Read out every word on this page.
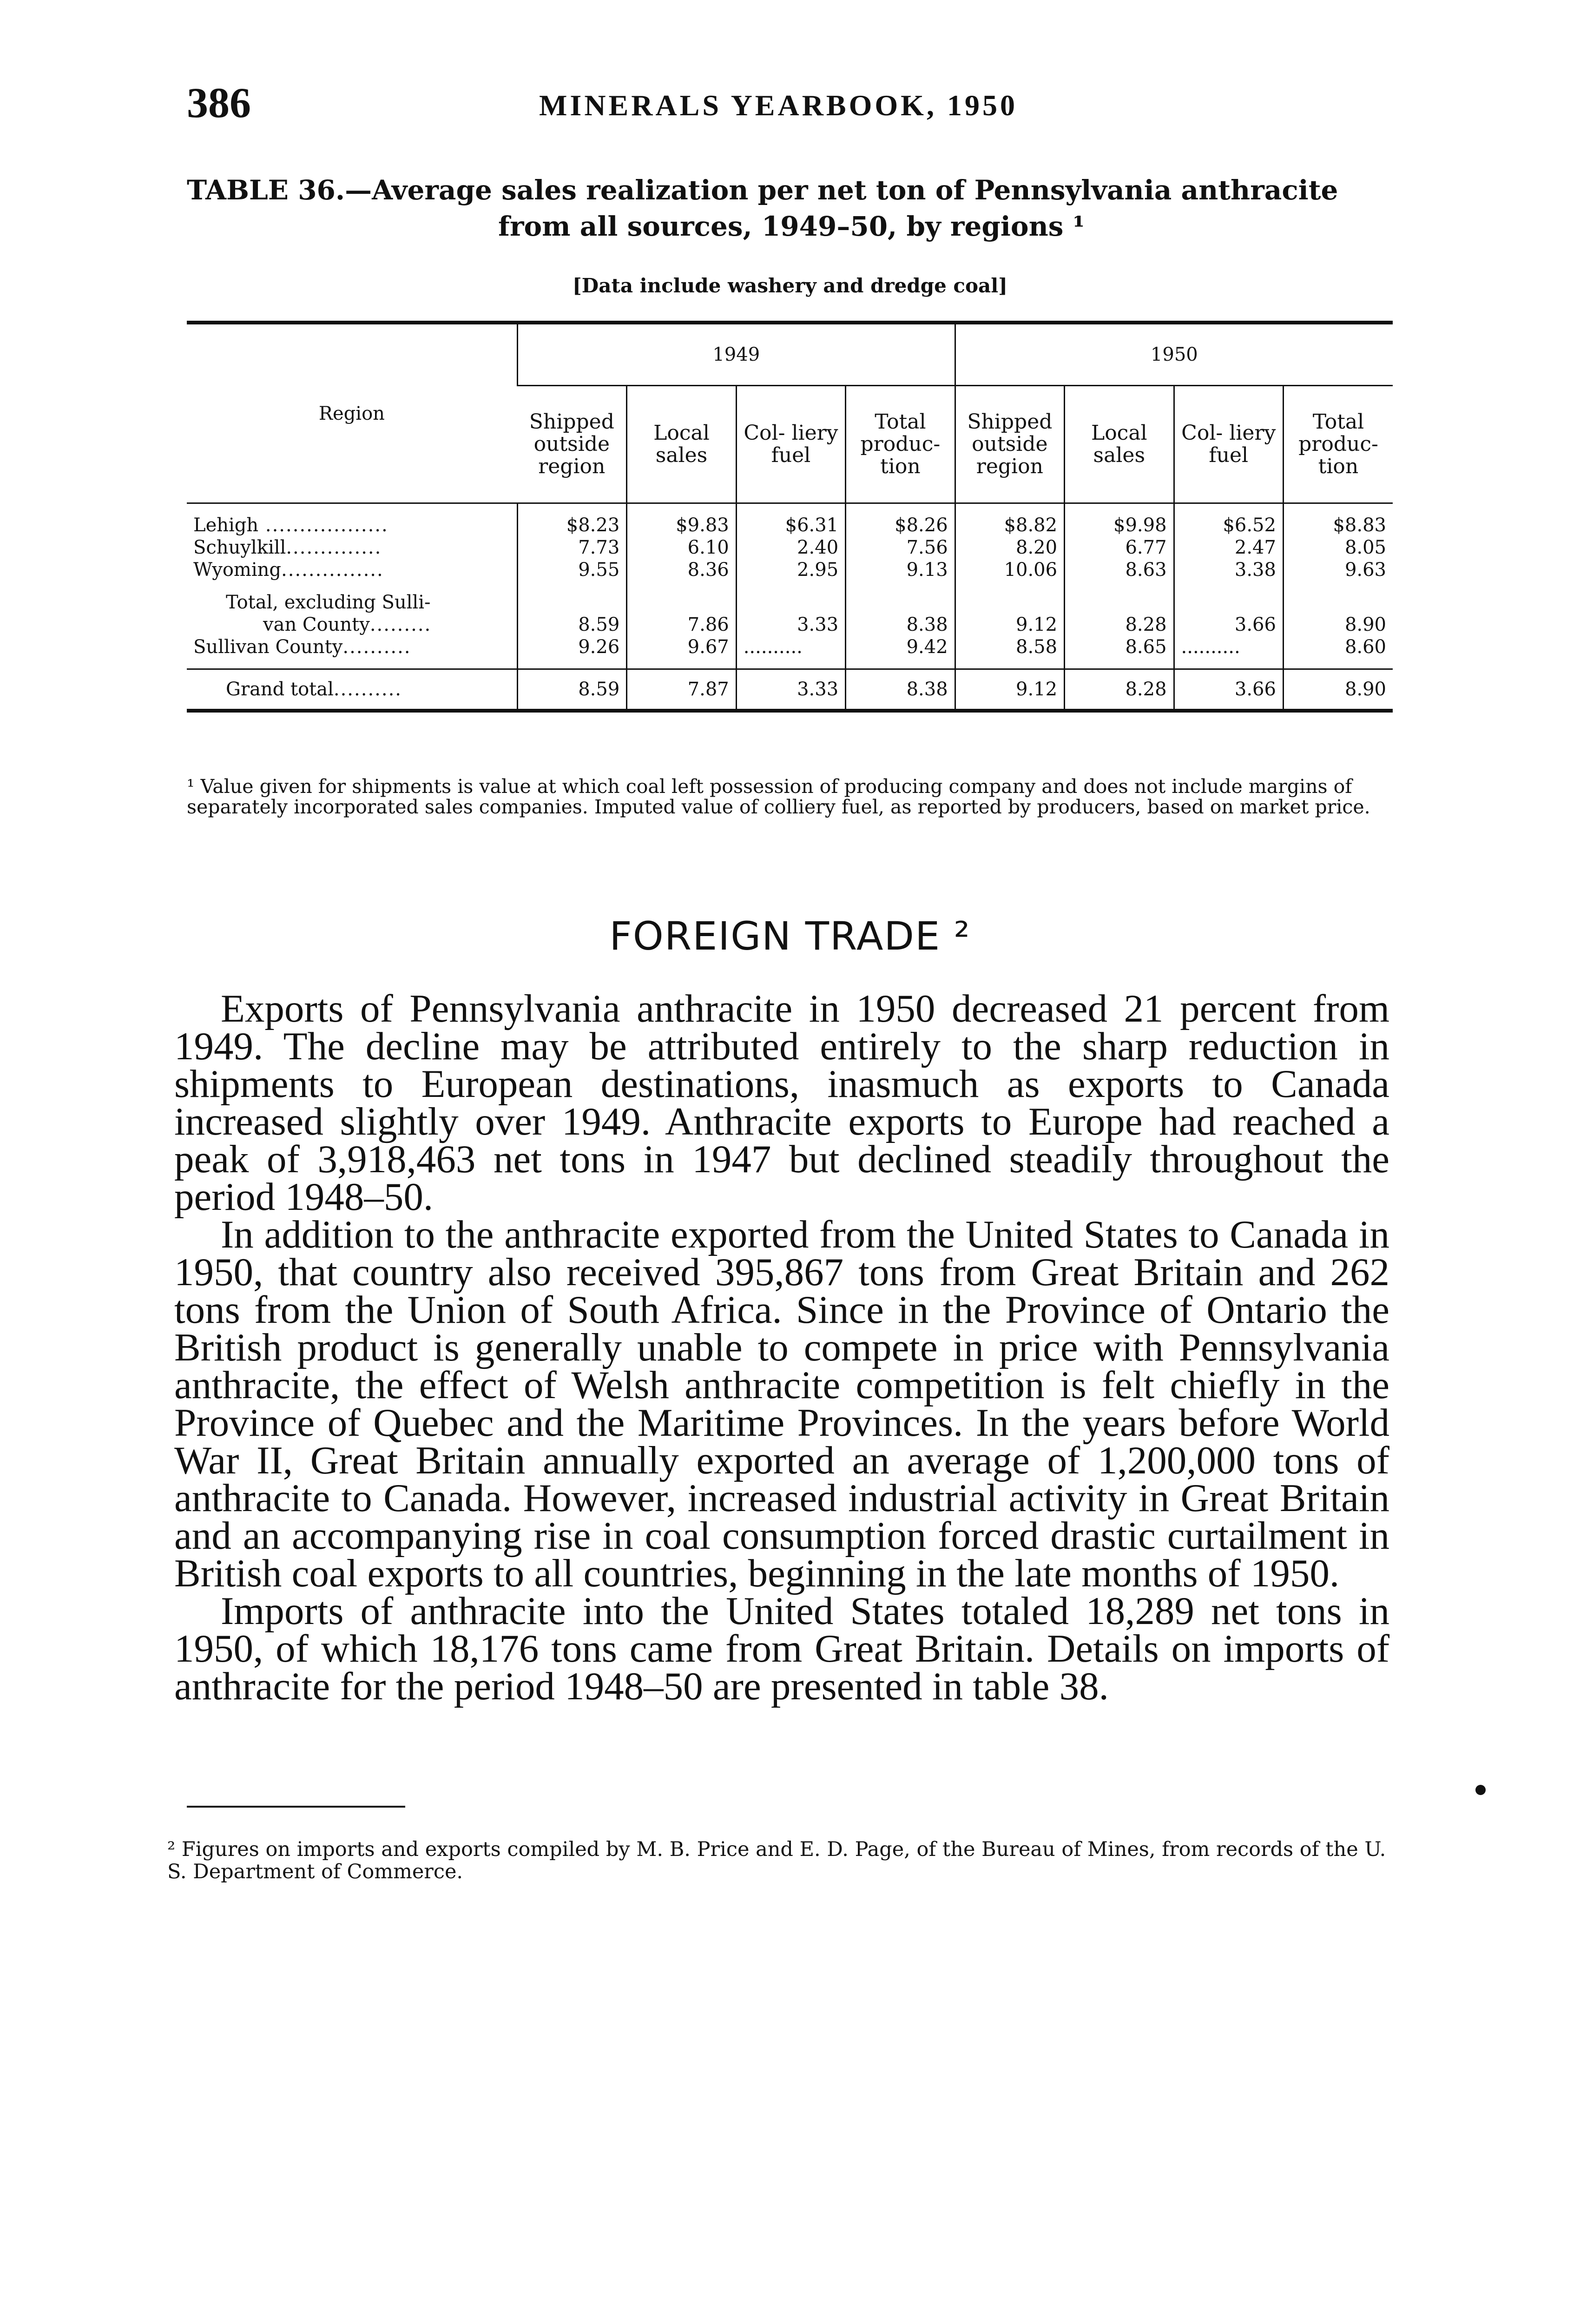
386	MINERALS YEARBOOK, 1950
TABLE 36.—Average sales realization per net ton of Pennsylvania anthracite
from all sources, 1949–50, by regions ¹
[Data include washery and dredge coal]
Region	1949				1950			
	Shipped outside region	Local sales	Col- liery fuel	Total produc- tion	Shipped outside region	Local sales	Col- liery fuel	Total produc- tion
Lehigh ..................	$8.23	$9.83	$6.31	$8.26	$8.82	$9.98	$6.52	$8.83
Schuylkill..............	7.73	6.10	2.40	7.56	8.20	6.77	2.47	8.05
Wyoming...............	9.55	8.36	2.95	9.13	10.06	8.63	3.38	9.63

Total, excluding Sulli-
van County.........	8.59	7.86	3.33	8.38	9.12	8.28	3.66	8.90
Sullivan County..........	9.26	9.67	..........	9.42	8.58	8.65	..........	8.60

Grand total..........	8.59	7.87	3.33	8.38	9.12	8.28	3.66	8.90
¹ Value given for shipments is value at which coal left possession of producing company and does not include margins of separately incorporated sales companies. Imputed value of colliery fuel, as reported by producers, based on market price.
FOREIGN TRADE ²

Exports of Pennsylvania anthracite in 1950 decreased 21 percent from 1949. The decline may be attributed entirely to the sharp reduction in shipments to European destinations, inasmuch as exports to Canada increased slightly over 1949. Anthracite exports to Europe had reached a peak of 3,918,463 net tons in 1947 but declined steadily throughout the period 1948–50.

In addition to the anthracite exported from the United States to Canada in 1950, that country also received 395,867 tons from Great Britain and 262 tons from the Union of South Africa. Since in the Province of Ontario the British product is generally unable to compete in price with Pennsylvania anthracite, the effect of Welsh anthracite competition is felt chiefly in the Province of Quebec and the Maritime Provinces. In the years before World War II, Great Britain annually exported an average of 1,200,000 tons of anthracite to Canada. However, increased industrial activity in Great Britain and an accompanying rise in coal consumption forced drastic curtailment in British coal exports to all countries, beginning in the late months of 1950.

Imports of anthracite into the United States totaled 18,289 net tons in 1950, of which 18,176 tons came from Great Britain. Details on imports of anthracite for the period 1948–50 are presented in table 38.

² Figures on imports and exports compiled by M. B. Price and E. D. Page, of the Bureau of Mines, from records of the U. S. Department of Commerce.
